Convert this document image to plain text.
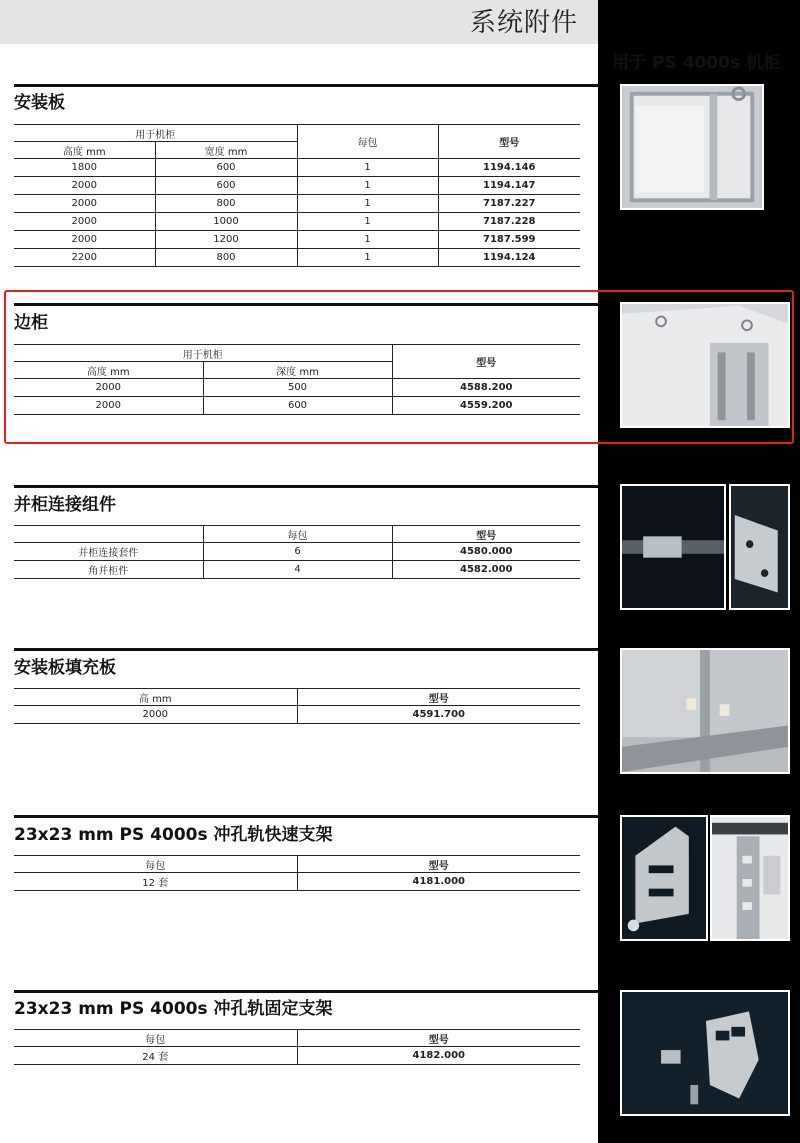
系统附件
用于 PS 4000s 机柜
安装板
用于机柜		每包	型号
高度 mm	宽度 mm		
1800	600	1	1194.146
2000	600	1	1194.147
2000	800	1	7187.227
2000	1000	1	7187.228
2000	1200	1	7187.599
2200	800	1	1194.124
边柜
用于机柜		型号
高度 mm	深度 mm	
2000	500	4588.200
2000	600	4559.200
并柜连接组件
	每包	型号
并柜连接套件	6	4580.000
角并柜件	4	4582.000
安装板填充板
高 mm	型号
2000	4591.700
23x23 mm PS 4000s 冲孔轨快速支架
每包	型号
12 套	4181.000
23x23 mm PS 4000s 冲孔轨固定支架
每包	型号
24 套	4182.000
